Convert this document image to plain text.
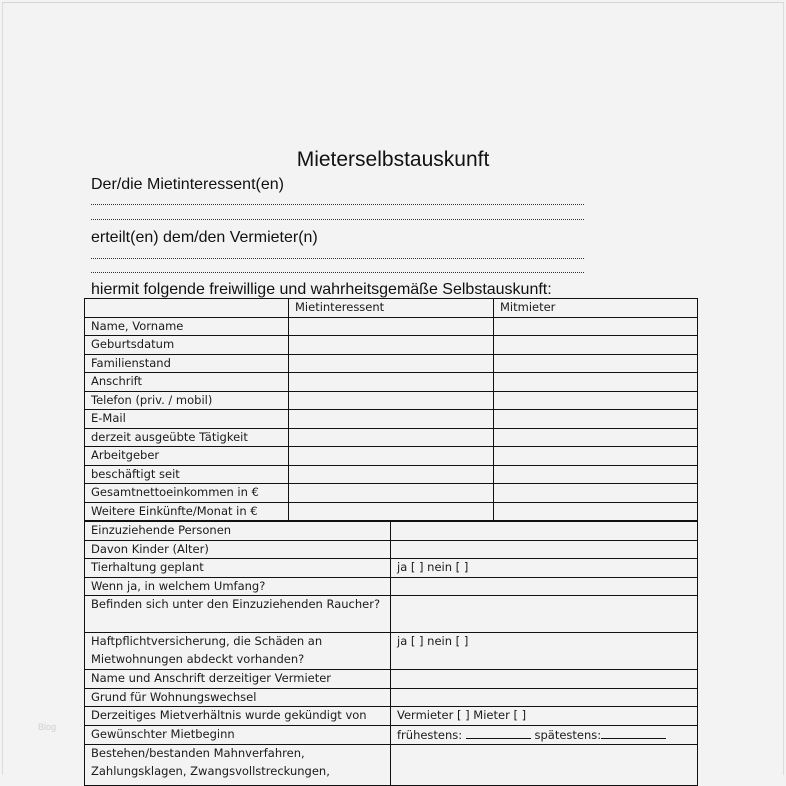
Mieterselbstauskunft
Der/die Mietinteressent(en)
erteilt(en) dem/den Vermieter(n)
hiermit folgende freiwillige und wahrheitsgemäße Selbstauskunft:
	Mietinteressent	Mitmieter
Name, Vorname		
Geburtsdatum		
Familienstand		
Anschrift		
Telefon (priv. / mobil)		
E-Mail		
derzeit ausgeübte Tätigkeit		
Arbeitgeber		
beschäftigt seit		
Gesamtnettoeinkommen in €		
Weitere Einkünfte/Monat in €		
Einzuziehende Personen	
Davon Kinder (Alter)	
Tierhaltung geplant	ja [ ] nein [ ]
Wenn ja, in welchem Umfang?	
Befinden sich unter den Einzuziehenden Raucher?	
Haftpflichtversicherung, die Schäden an Mietwohnungen abdeckt vorhanden?	ja [ ] nein [ ]
Name und Anschrift derzeitiger Vermieter	
Grund für Wohnungswechsel	
Derzeitiges Mietverhältnis wurde gekündigt von	Vermieter [ ] Mieter [ ]
Gewünschter Mietbeginn	frühestens: spätestens:
Bestehen/bestanden Mahnverfahren, Zahlungsklagen, Zwangsvollstreckungen,	
Blog
